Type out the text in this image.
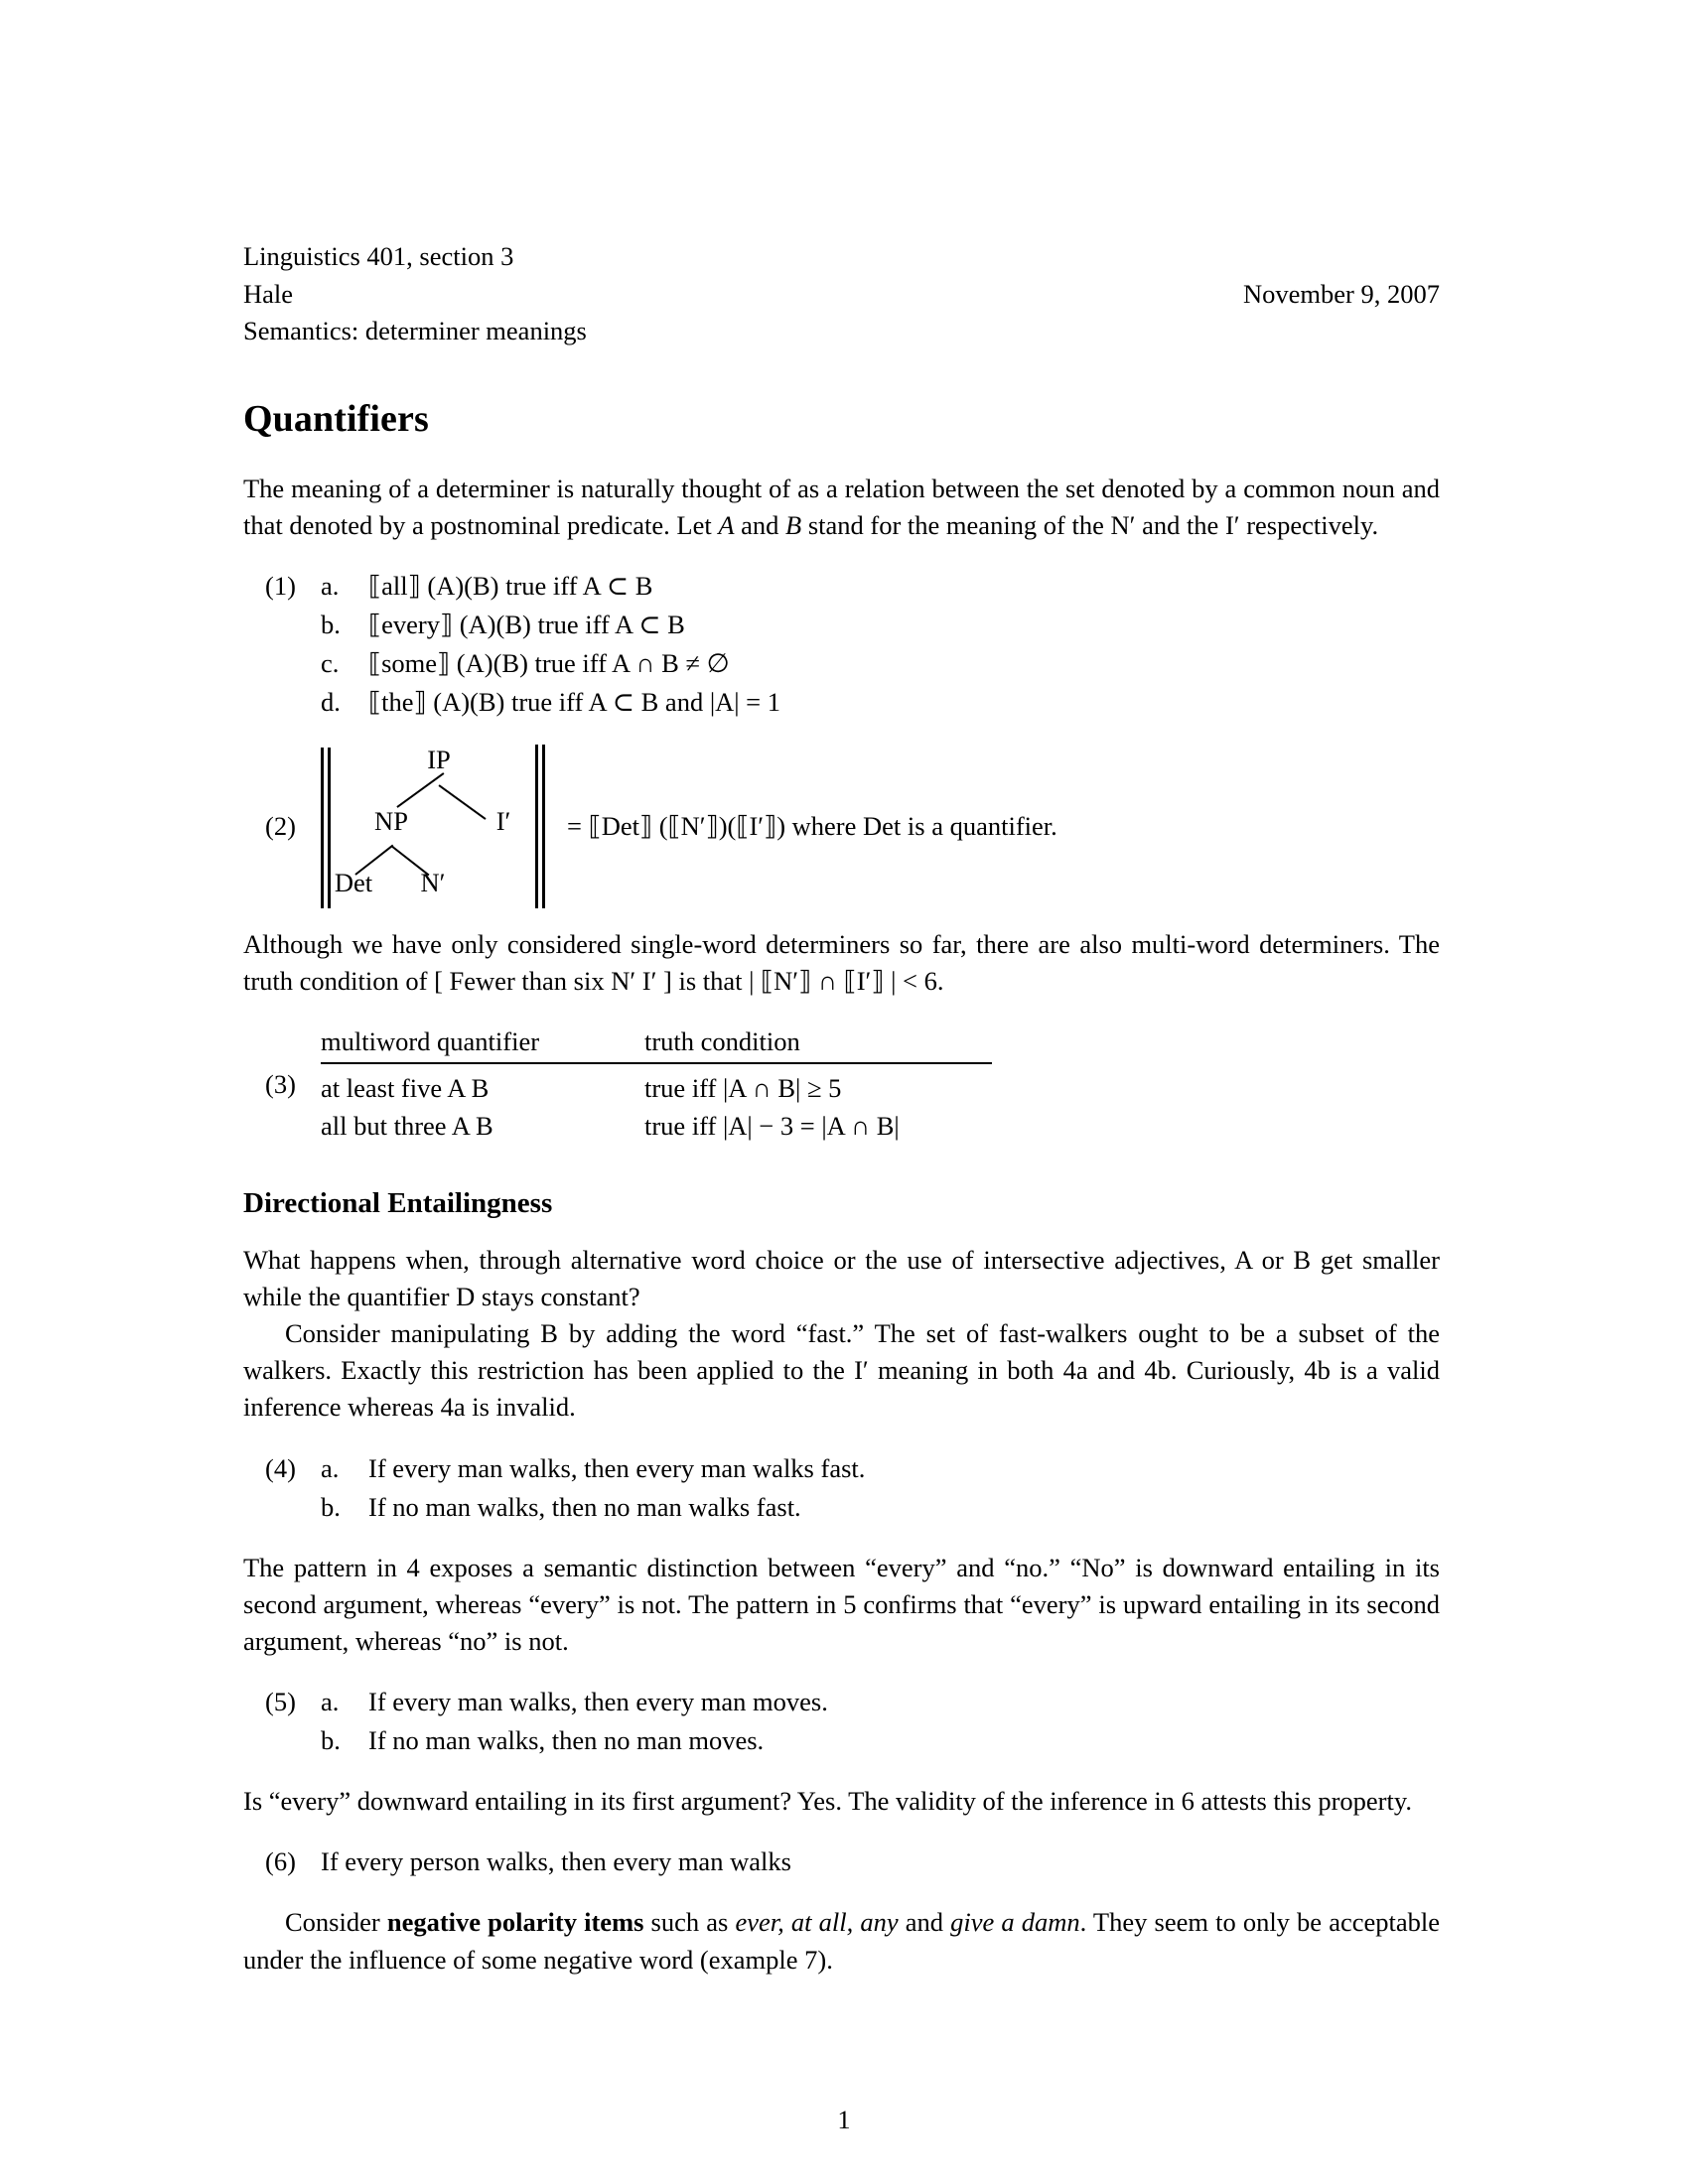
Linguistics 401, section 3
Hale
Semantics: determiner meanings
November 9, 2007
Quantifiers

The meaning of a determiner is naturally thought of as a relation between the set denoted by a common noun and that denoted by a postnominal predicate. Let A and B stand for the meaning of the N′ and the I′ respectively.

(1) a.	⟦all⟧ (A)(B) true iff A ⊂ B
b.	⟦every⟧ (A)(B) true iff A ⊂ B
c.	⟦some⟧ (A)(B) true iff A ∩ B ≠ ∅
d.	⟦the⟧ (A)(B) true iff A ⊂ B and |A| = 1
(2)
IP
NP	I′
Det N′
= ⟦Det⟧ (⟦N′⟧)(⟦I′⟧) where Det is a quantifier.

Although we have only considered single-word determiners so far, there are also multi-word determiners. The truth condition of [ Fewer than six N′ I′ ] is that | ⟦N′⟧ ∩ ⟦I′⟧ | < 6.

(3)
multiword quantifier	truth condition
at least five A B	true iff |A ∩ B| ≥ 5
all but three A B	true iff |A| − 3 = |A ∩ B|
Directional Entailingness

What happens when, through alternative word choice or the use of intersective adjectives, A or B get smaller while the quantifier D stays constant?

Consider manipulating B by adding the word “fast.” The set of fast-walkers ought to be a subset of the walkers. Exactly this restriction has been applied to the I′ meaning in both 4a and 4b. Curiously, 4b is a valid inference whereas 4a is invalid.

(4) a.	If every man walks, then every man walks fast.
b.	If no man walks, then no man walks fast.

The pattern in 4 exposes a semantic distinction between “every” and “no.” “No” is downward entailing in its second argument, whereas “every” is not. The pattern in 5 confirms that “every” is upward entailing in its second argument, whereas “no” is not.

(5) a.	If every man walks, then every man moves.
b.	If no man walks, then no man moves.

Is “every” downward entailing in its first argument? Yes. The validity of the inference in 6 attests this property.

(6) If every person walks, then every man walks

Consider negative polarity items such as ever, at all, any and give a damn. They seem to only be acceptable under the influence of some negative word (example 7).

1
